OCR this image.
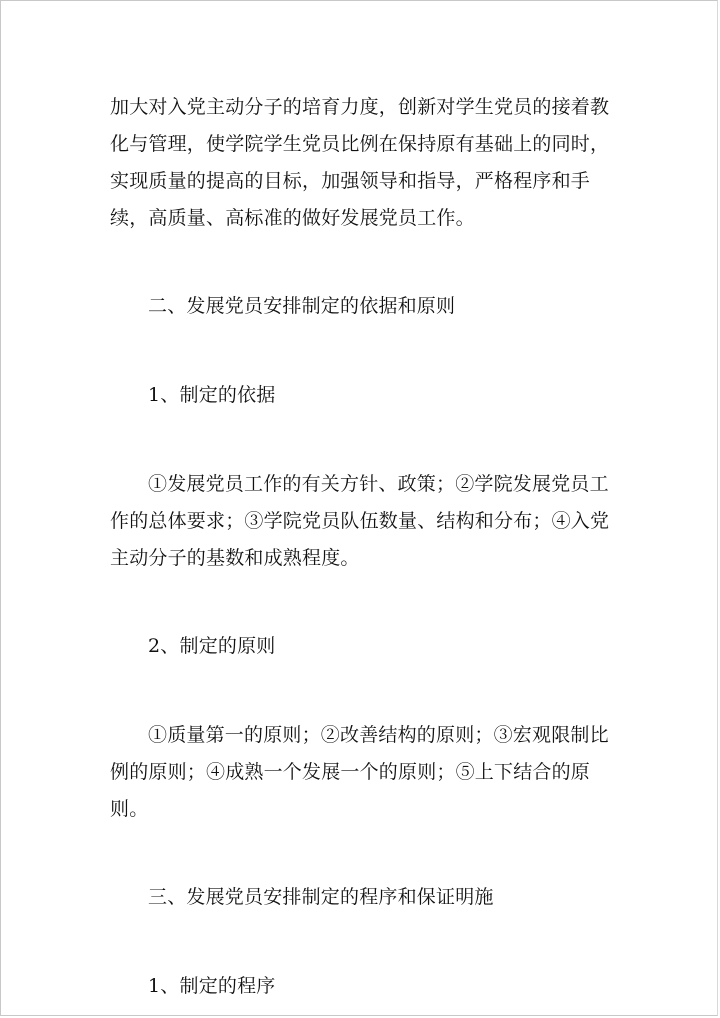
加大对入党主动分子的培育力度，创新对学生党员的接着教化与管理，使学院学生党员比例在保持原有基础上的同时，实现质量的提高的目标，加强领导和指导，严格程序和手续，高质量、高标准的做好发展党员工作。

二、发展党员安排制定的依据和原则

1、制定的依据

①发展党员工作的有关方针、政策；②学院发展党员工作的总体要求；③学院党员队伍数量、结构和分布；④入党主动分子的基数和成熟程度。

2、制定的原则

①质量第一的原则；②改善结构的原则；③宏观限制比例的原则；④成熟一个发展一个的原则；⑤上下结合的原则。

三、发展党员安排制定的程序和保证明施

1、制定的程序
